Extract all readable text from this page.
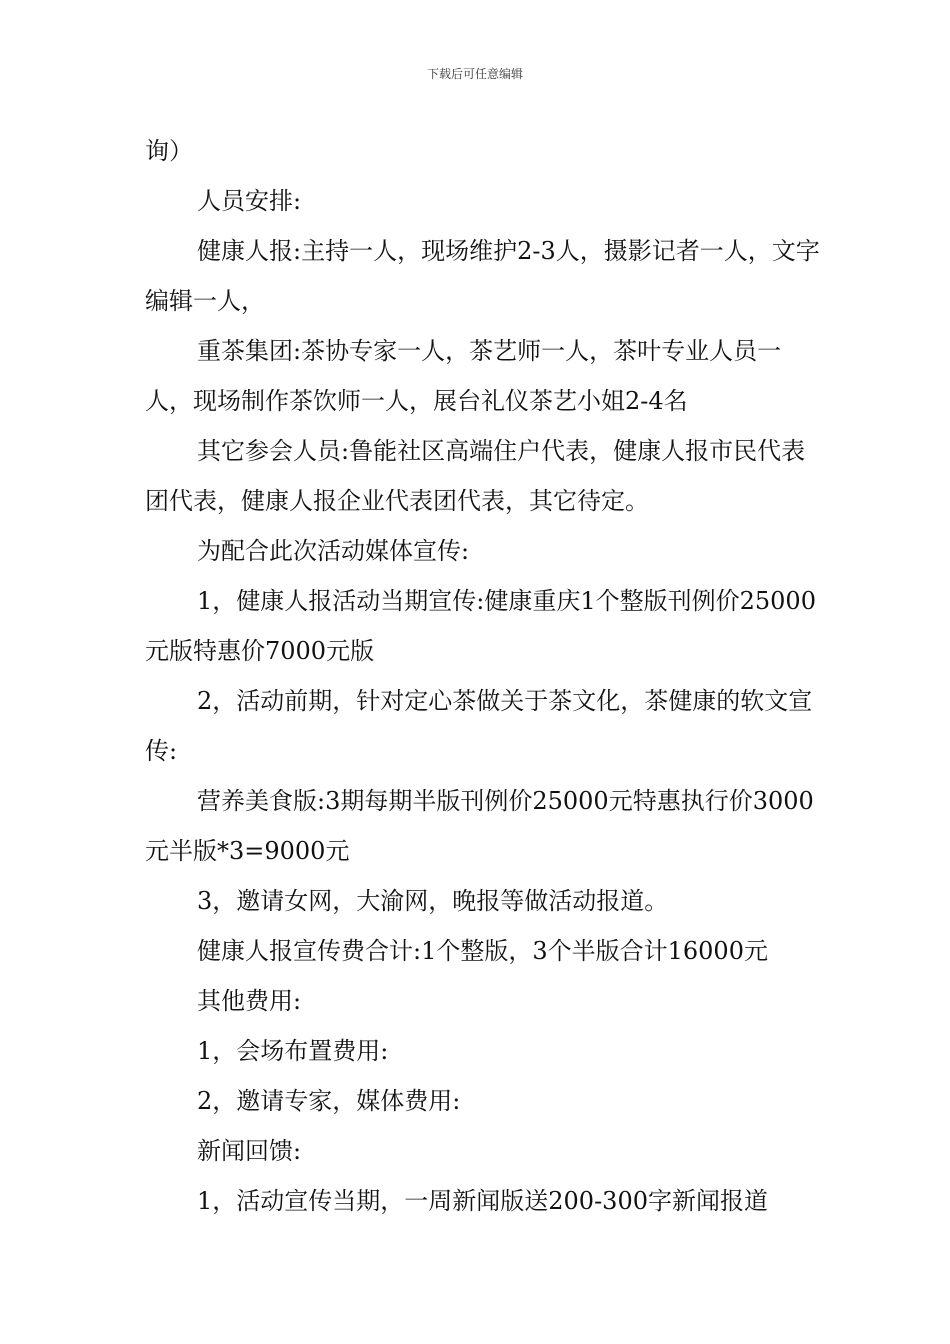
下载后可任意编辑

询）

人员安排:

健康人报:主持一人，现场维护2-3人，摄影记者一人，文字编辑一人，

重茶集团:茶协专家一人，茶艺师一人，茶叶专业人员一人，现场制作茶饮师一人，展台礼仪茶艺小姐2-4名

其它参会人员:鲁能社区高端住户代表，健康人报市民代表团代表，健康人报企业代表团代表，其它待定。

为配合此次活动媒体宣传:

1，健康人报活动当期宣传:健康重庆1个整版刊例价25000元版特惠价7000元版

2，活动前期，针对定心茶做关于茶文化，茶健康的软文宣传:

营养美食版:3期每期半版刊例价25000元特惠执行价3000元半版*3=9000元

3，邀请女网，大渝网，晚报等做活动报道。

健康人报宣传费合计:1个整版，3个半版合计16000元

其他费用:

1，会场布置费用:

2，邀请专家，媒体费用:

新闻回馈:

1，活动宣传当期，一周新闻版送200-300字新闻报道
